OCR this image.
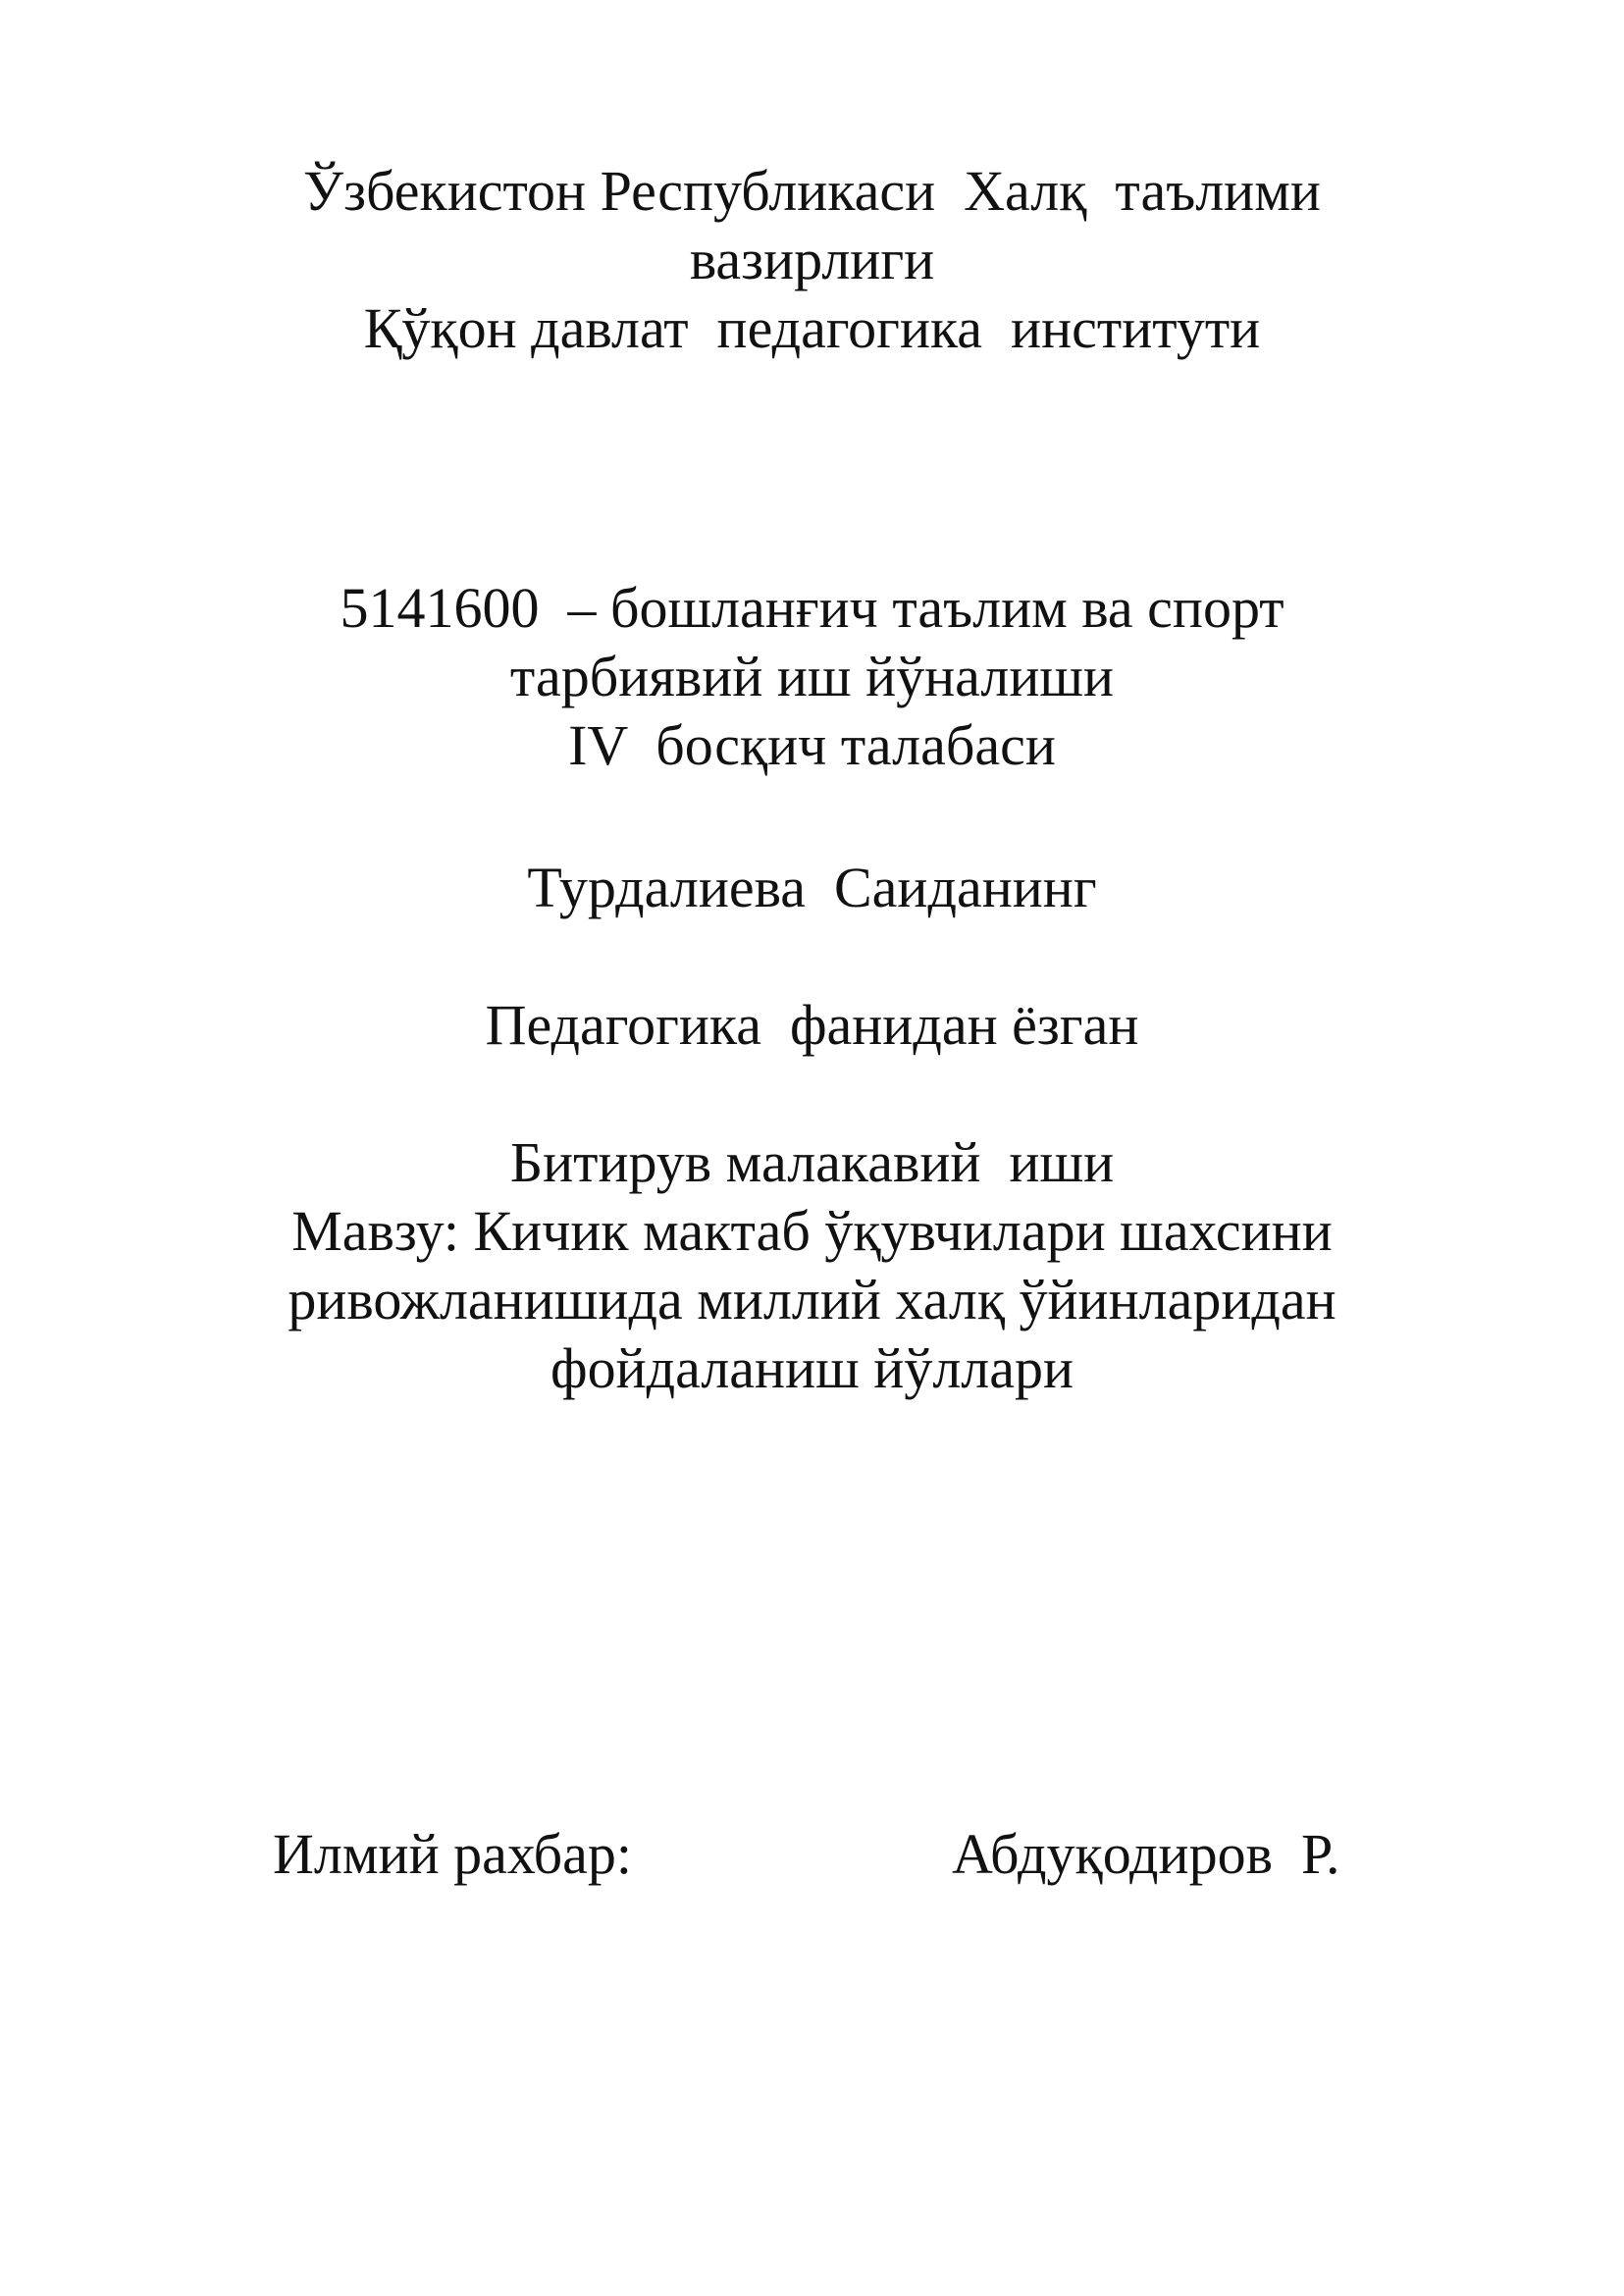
Ўзбекистон Республикаси  Халқ  таълими
вазирлиги
Қўқон давлат  педагогика  институти
5141600  – бошланғич таълим ва спорт
тарбиявий иш йўналиши
IV  босқич талабаси
Турдалиева  Саиданинг
Педагогика  фанидан ёзган
Битирув малакавий  иши
Мавзу: Кичик мактаб ўқувчилари шахсини
ривожланишида миллий халқ ўйинларидан
фойдаланиш йўллари
Илмий рахбар:	Абдуқодиров  Р.
